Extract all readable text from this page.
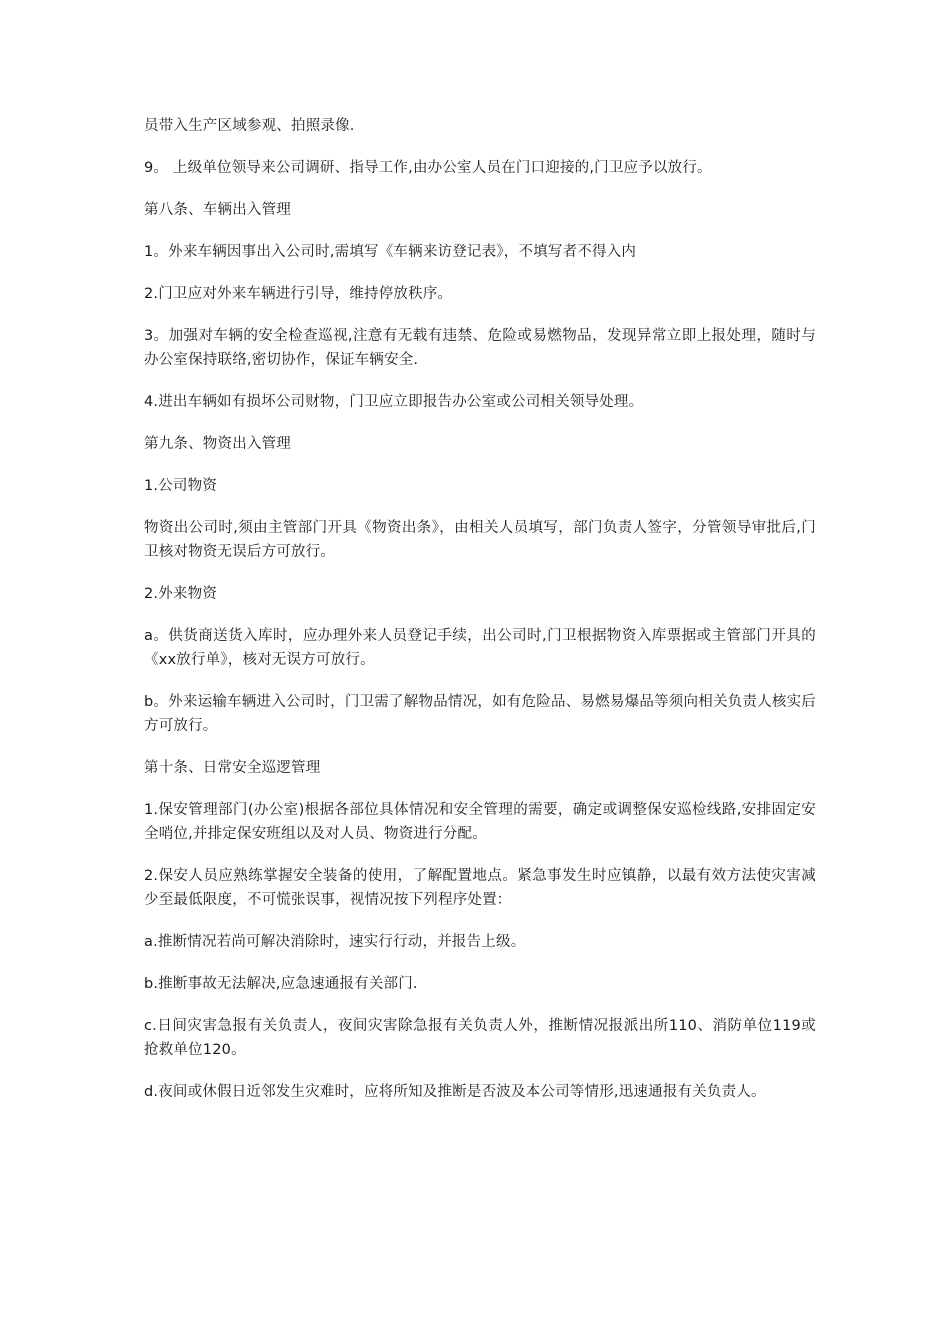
员带入生产区域参观、拍照录像.

9。 上级单位领导来公司调研、指导工作,由办公室人员在门口迎接的,门卫应予以放行。

第八条、车辆出入管理

1。外来车辆因事出入公司时,需填写《车辆来访登记表》，不填写者不得入内

2.门卫应对外来车辆进行引导，维持停放秩序。

3。加强对车辆的安全检查巡视,注意有无载有违禁、危险或易燃物品，发现异常立即上报处理，随时与办公室保持联络,密切协作，保证车辆安全.

4.进出车辆如有损坏公司财物，门卫应立即报告办公室或公司相关领导处理。

第九条、物资出入管理

1.公司物资

物资出公司时,须由主管部门开具《物资出条》，由相关人员填写，部门负责人签字，分管领导审批后,门卫核对物资无误后方可放行。

2.外来物资

a。供货商送货入库时，应办理外来人员登记手续，出公司时,门卫根据物资入库票据或主管部门开具的《xx放行单》，核对无误方可放行。

b。外来运输车辆进入公司时，门卫需了解物品情况，如有危险品、易燃易爆品等须向相关负责人核实后方可放行。

第十条、日常安全巡逻管理

1.保安管理部门(办公室)根据各部位具体情况和安全管理的需要，确定或调整保安巡检线路,安排固定安全哨位,并排定保安班组以及对人员、物资进行分配。

2.保安人员应熟练掌握安全装备的使用，了解配置地点。紧急事发生时应镇静，以最有效方法使灾害减少至最低限度，不可慌张误事，视情况按下列程序处置：

a.推断情况若尚可解决消除时，速实行行动，并报告上级。

b.推断事故无法解决,应急速通报有关部门.

c.日间灾害急报有关负责人，夜间灾害除急报有关负责人外，推断情况报派出所110、消防单位119或抢救单位120。

d.夜间或休假日近邻发生灾难时，应将所知及推断是否波及本公司等情形,迅速通报有关负责人。
